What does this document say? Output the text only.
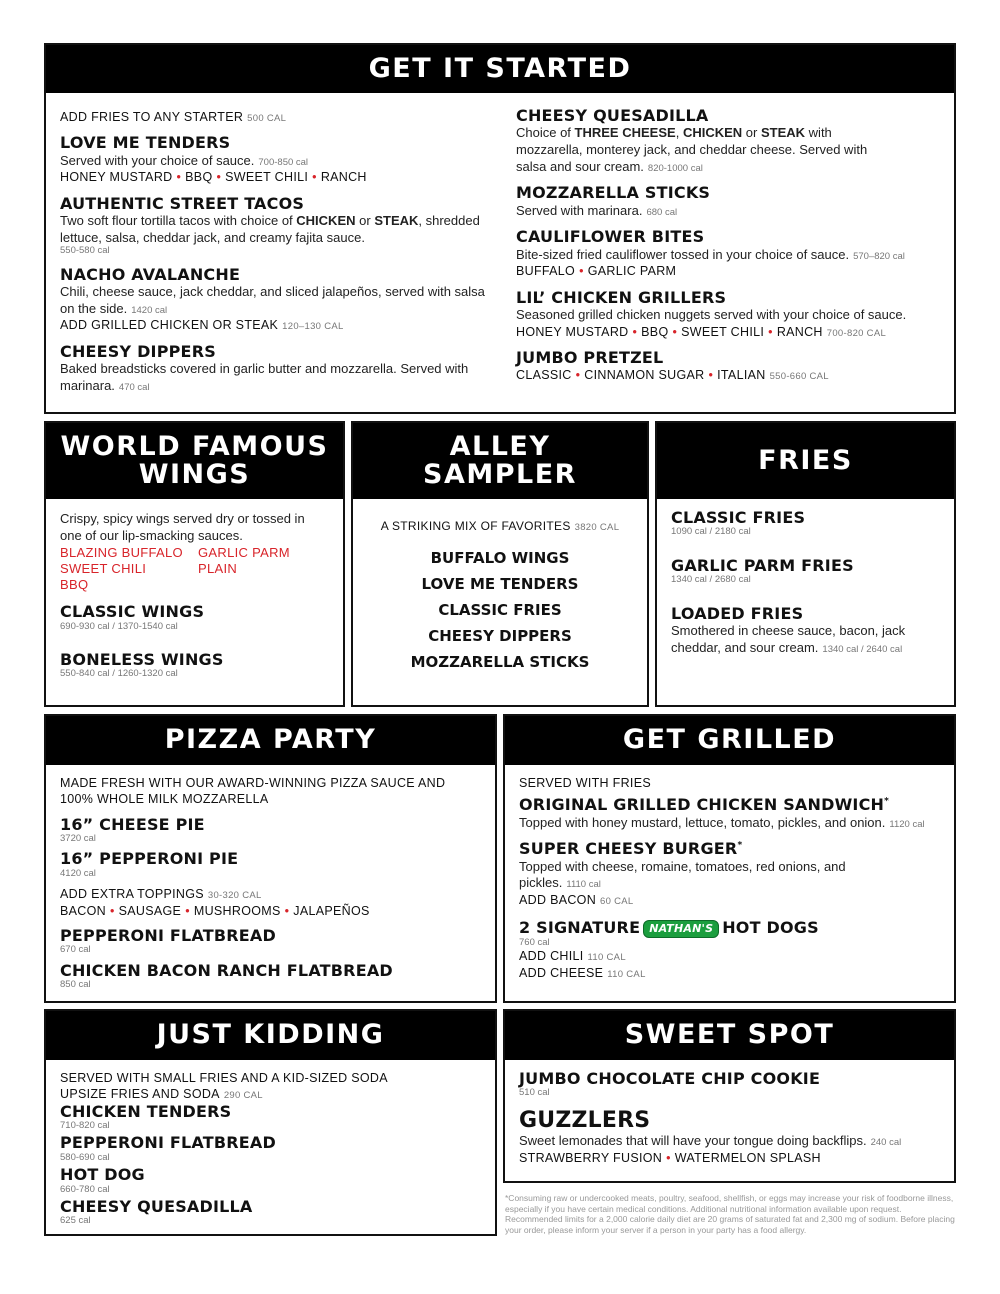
GET IT STARTED
ADD FRIES TO ANY STARTER 500 CAL
LOVE ME TENDERS
Served with your choice of sauce. 700-850 cal
HONEY MUSTARD • BBQ • SWEET CHILI • RANCH
AUTHENTIC STREET TACOS
Two soft flour tortilla tacos with choice of CHICKEN or STEAK, shredded lettuce, salsa, cheddar jack, and creamy fajita sauce.
550-580 cal
NACHO AVALANCHE
Chili, cheese sauce, jack cheddar, and sliced jalapeños, served with salsa on the side. 1420 cal
ADD GRILLED CHICKEN OR STEAK 120–130 CAL
CHEESY DIPPERS
Baked breadsticks covered in garlic butter and mozzarella. Served with marinara. 470 cal
CHEESY QUESADILLA
Choice of THREE CHEESE, CHICKEN or STEAK with mozzarella, monterey jack, and cheddar cheese. Served with salsa and sour cream. 820-1000 cal
MOZZARELLA STICKS
Served with marinara. 680 cal
CAULIFLOWER BITES
Bite-sized fried cauliflower tossed in your choice of sauce. 570–820 cal
BUFFALO • GARLIC PARM
LIL’ CHICKEN GRILLERS
Seasoned grilled chicken nuggets served with your choice of sauce.
HONEY MUSTARD • BBQ • SWEET CHILI • RANCH 700-820 CAL
JUMBO PRETZEL
CLASSIC • CINNAMON SUGAR • ITALIAN 550-660 CAL
WORLD FAMOUS
WINGS
Crispy, spicy wings served dry or tossed in one of our lip-smacking sauces.
BLAZING BUFFALO	GARLIC PARM
SWEET CHILI	PLAIN
BBQ
CLASSIC WINGS
690-930 cal / 1370-1540 cal
BONELESS WINGS
550-840 cal / 1260-1320 cal
ALLEY
SAMPLER
A STRIKING MIX OF FAVORITES 3820 CAL
BUFFALO WINGS
LOVE ME TENDERS
CLASSIC FRIES
CHEESY DIPPERS
MOZZARELLA STICKS
FRIES
CLASSIC FRIES
1090 cal / 2180 cal
GARLIC PARM FRIES
1340 cal / 2680 cal
LOADED FRIES
Smothered in cheese sauce, bacon, jack cheddar, and sour cream. 1340 cal / 2640 cal
PIZZA PARTY
MADE FRESH WITH OUR AWARD-WINNING PIZZA SAUCE AND
100% WHOLE MILK MOZZARELLA
16” CHEESE PIE
3720 cal
16” PEPPERONI PIE
4120 cal
ADD EXTRA TOPPINGS 30-320 CAL
BACON • SAUSAGE • MUSHROOMS • JALAPEÑOS
PEPPERONI FLATBREAD
670 cal
CHICKEN BACON RANCH FLATBREAD
850 cal
GET GRILLED
SERVED WITH FRIES
ORIGINAL GRILLED CHICKEN SANDWICH*
Topped with honey mustard, lettuce, tomato, pickles, and onion. 1120 cal
SUPER CHEESY BURGER*
Topped with cheese, romaine, tomatoes, red onions, and pickles. 1110 cal
ADD BACON 60 CAL
2 SIGNATURE NATHAN'S HOT DOGS
760 cal
ADD CHILI 110 CAL
ADD CHEESE 110 CAL
JUST KIDDING
SERVED WITH SMALL FRIES AND A KID-SIZED SODA
UPSIZE FRIES AND SODA 290 CAL
CHICKEN TENDERS
710-820 cal
PEPPERONI FLATBREAD
580-690 cal
HOT DOG
660-780 cal
CHEESY QUESADILLA
625 cal
SWEET SPOT
JUMBO CHOCOLATE CHIP COOKIE
510 cal
GUZZLERS
Sweet lemonades that will have your tongue doing backflips. 240 cal
STRAWBERRY FUSION • WATERMELON SPLASH
*Consuming raw or undercooked meats, poultry, seafood, shellfish, or eggs may increase your risk of foodborne illness, especially if you have certain medical conditions. Additional nutritional information available upon request. Recommended limits for a 2,000 calorie daily diet are 20 grams of saturated fat and 2,300 mg of sodium. Before placing your order, please inform your server if a person in your party has a food allergy.
